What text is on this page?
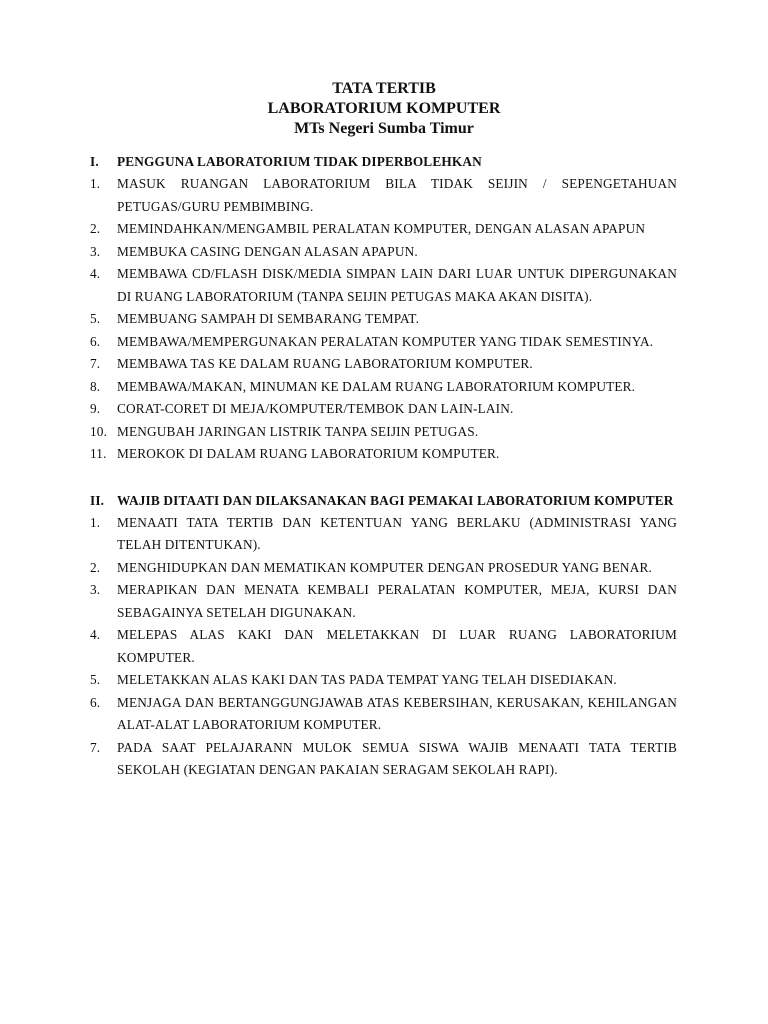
TATA TERTIB
LABORATORIUM KOMPUTER
MTs Negeri Sumba Timur
I.	PENGGUNA LABORATORIUM TIDAK DIPERBOLEHKAN
1.	MASUK RUANGAN LABORATORIUM BILA TIDAK SEIJIN / SEPENGETAHUAN PETUGAS/GURU PEMBIMBING.
2.	MEMINDAHKAN/MENGAMBIL PERALATAN KOMPUTER, DENGAN ALASAN APAPUN
3.	MEMBUKA CASING DENGAN ALASAN APAPUN.
4.	MEMBAWA CD/FLASH DISK/MEDIA SIMPAN LAIN DARI LUAR UNTUK DIPERGUNAKAN DI RUANG LABORATORIUM (TANPA SEIJIN PETUGAS MAKA AKAN DISITA).
5.	MEMBUANG SAMPAH DI SEMBARANG TEMPAT.
6.	MEMBAWA/MEMPERGUNAKAN PERALATAN KOMPUTER YANG TIDAK SEMESTINYA.
7.	MEMBAWA TAS KE DALAM RUANG LABORATORIUM KOMPUTER.
8.	MEMBAWA/MAKAN, MINUMAN KE DALAM RUANG LABORATORIUM KOMPUTER.
9.	CORAT-CORET DI MEJA/KOMPUTER/TEMBOK DAN LAIN-LAIN.
10. MENGUBAH JARINGAN LISTRIK TANPA SEIJIN PETUGAS.
11. MEROKOK DI DALAM RUANG LABORATORIUM KOMPUTER.
II. WAJIB DITAATI DAN DILAKSANAKAN BAGI PEMAKAI LABORATORIUM KOMPUTER
1.	MENAATI TATA TERTIB DAN KETENTUAN YANG BERLAKU (ADMINISTRASI YANG TELAH DITENTUKAN).
2.	MENGHIDUPKAN DAN MEMATIKAN KOMPUTER DENGAN PROSEDUR YANG BENAR.
3.	MERAPIKAN DAN MENATA KEMBALI PERALATAN KOMPUTER, MEJA, KURSI DAN SEBAGAINYA SETELAH DIGUNAKAN.
4.	MELEPAS ALAS KAKI DAN MELETAKKAN DI LUAR RUANG LABORATORIUM KOMPUTER.
5.	MELETAKKAN ALAS KAKI DAN TAS PADA TEMPAT YANG TELAH DISEDIAKAN.
6.	MENJAGA DAN BERTANGGUNGJAWAB ATAS KEBERSIHAN, KERUSAKAN, KEHILANGAN ALAT-ALAT LABORATORIUM KOMPUTER.
7.	PADA SAAT PELAJARANN MULOK SEMUA SISWA WAJIB MENAATI TATA TERTIB SEKOLAH (KEGIATAN DENGAN PAKAIAN SERAGAM SEKOLAH RAPI).
